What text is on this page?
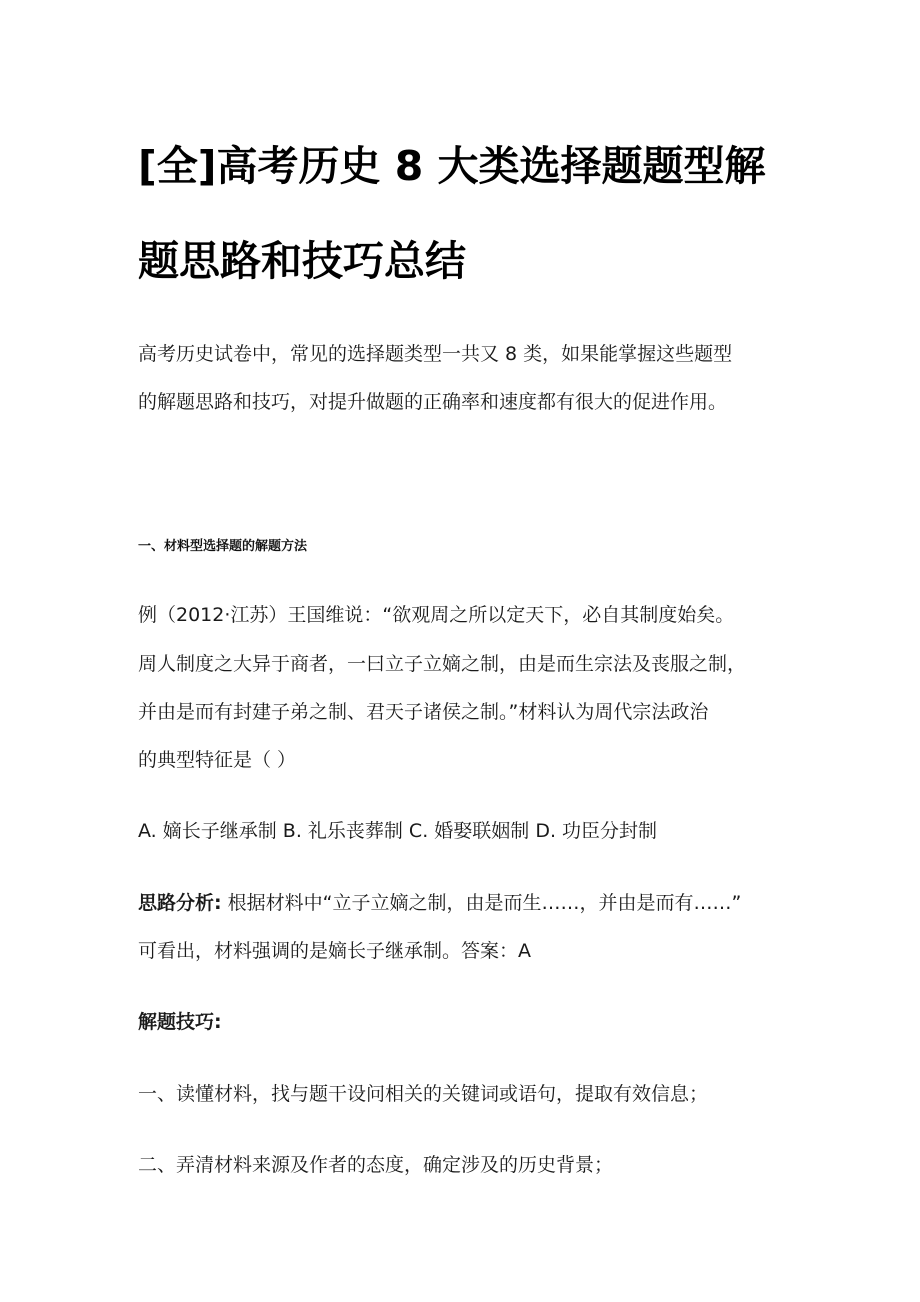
[全]高考历史 8 大类选择题题型解
题思路和技巧总结
高考历史试卷中，常见的选择题类型一共又 8 类，如果能掌握这些题型
的解题思路和技巧，对提升做题的正确率和速度都有很大的促进作用。
一、材料型选择题的解题方法
例（2012·江苏）王国维说：“欲观周之所以定天下，必自其制度始矣。
周人制度之大异于商者，一曰立子立嫡之制，由是而生宗法及丧服之制，
并由是而有封建子弟之制、君天子诸侯之制。”材料认为周代宗法政治
的典型特征是（ ）
A. 嫡长子继承制 B. 礼乐丧葬制 C. 婚娶联姻制 D. 功臣分封制
思路分析: 根据材料中“立子立嫡之制，由是而生……，并由是而有……”
可看出，材料强调的是嫡长子继承制。答案：A
解题技巧:
一、读懂材料，找与题干设问相关的关键词或语句，提取有效信息；
二、弄清材料来源及作者的态度，确定涉及的历史背景；
